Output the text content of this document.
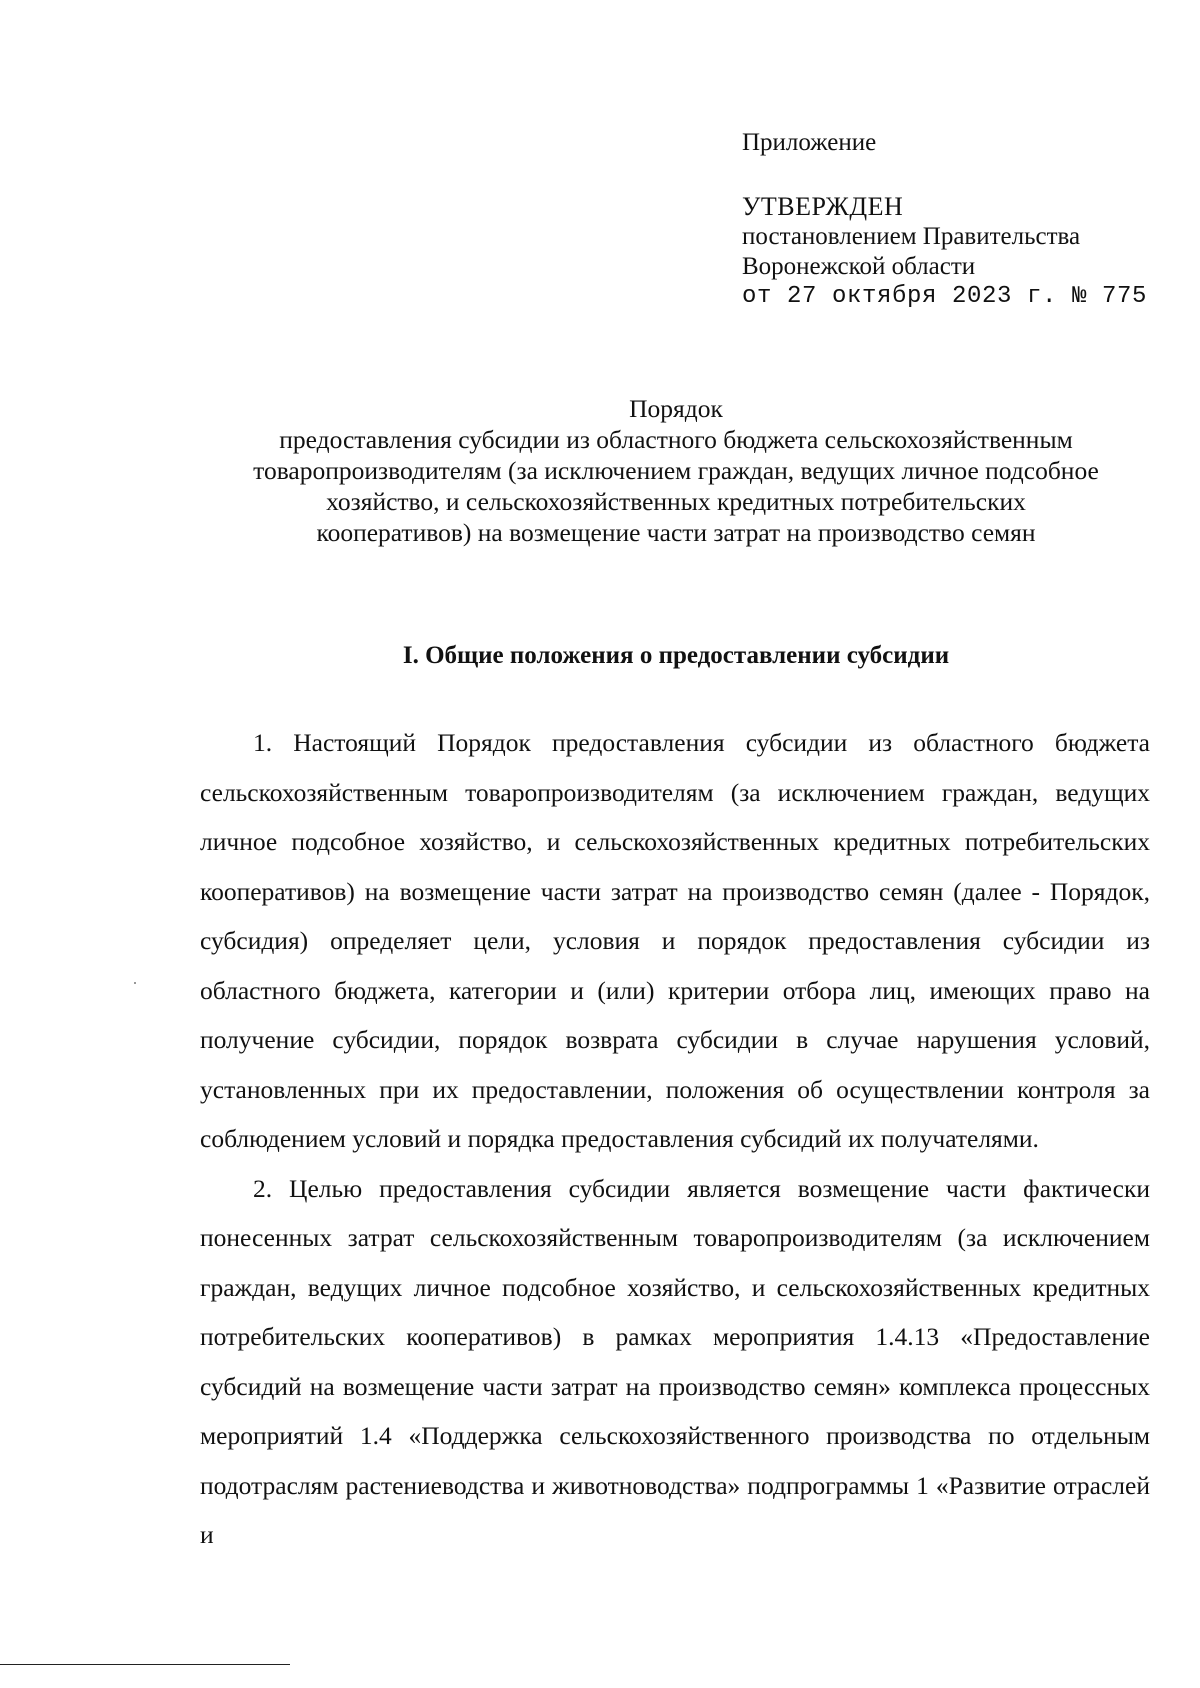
Приложение

УТВЕРЖДЕН

постановлением Правительства

Воронежской области

от 27 октября 2023 г. № 775

Порядок

предоставления субсидии из областного бюджета сельскохозяйственным
товаропроизводителям (за исключением граждан, ведущих личное подсобное
хозяйство, и сельскохозяйственных кредитных потребительских
кооперативов) на возмещение части затрат на производство семян

I. Общие положения о предоставлении субсидии

1. Настоящий Порядок предоставления субсидии из областного бюджета сельскохозяйственным товаропроизводителям (за исключением граждан, ведущих личное подсобное хозяйство, и сельскохозяйственных кредитных потребительских кооперативов) на возмещение части затрат на производство семян (далее - Порядок, субсидия) определяет цели, условия и порядок предоставления субсидии из областного бюджета, категории и (или) критерии отбора лиц, имеющих право на получение субсидии, порядок возврата субсидии в случае нарушения условий, установленных при их предоставлении, положения об осуществлении контроля за соблюдением условий и порядка предоставления субсидий их получателями.

2. Целью предоставления субсидии является возмещение части фактически понесенных затрат сельскохозяйственным товаропроизводителям (за исключением граждан, ведущих личное подсобное хозяйство, и сельскохозяйственных кредитных потребительских кооперативов) в рамках мероприятия 1.4.13 «Предоставление субсидий на возмещение части затрат на производство семян» комплекса процессных мероприятий 1.4 «Поддержка сельскохозяйственного производства по отдельным подотраслям растениеводства и животноводства» подпрограммы 1 «Развитие отраслей и
